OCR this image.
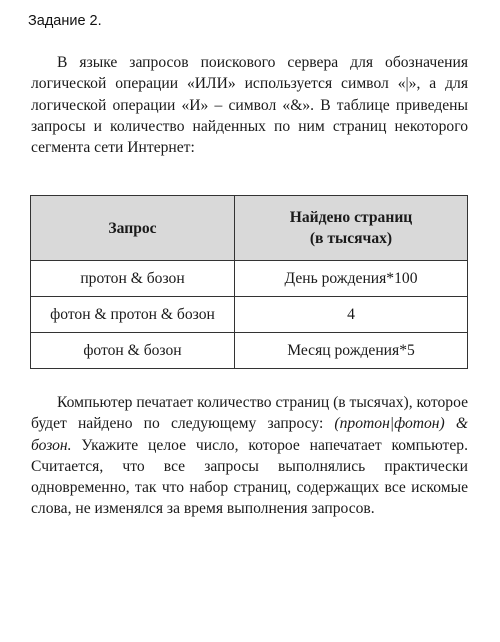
Задание 2.

В языке запросов поискового сервера для обозначения логической операции «ИЛИ» используется символ «|», а для логической операции «И» – символ «&». В таблице приведены запросы и количество найденных по ним страниц некоторого сегмента сети Интернет:

Запрос	Найдено страниц
(в тысячах)
протон & бозон	День рождения*100
фотон & протон & бозон	4
фотон & бозон	Месяц рождения*5

Компьютер печатает количество страниц (в тысячах), которое будет найдено по следующему запросу: (протон|фотон) & бозон. Укажите целое число, которое напечатает компьютер. Считается, что все запросы выполнялись практически одновременно, так что набор страниц, содержащих все искомые слова, не изменялся за время выполнения запросов.
